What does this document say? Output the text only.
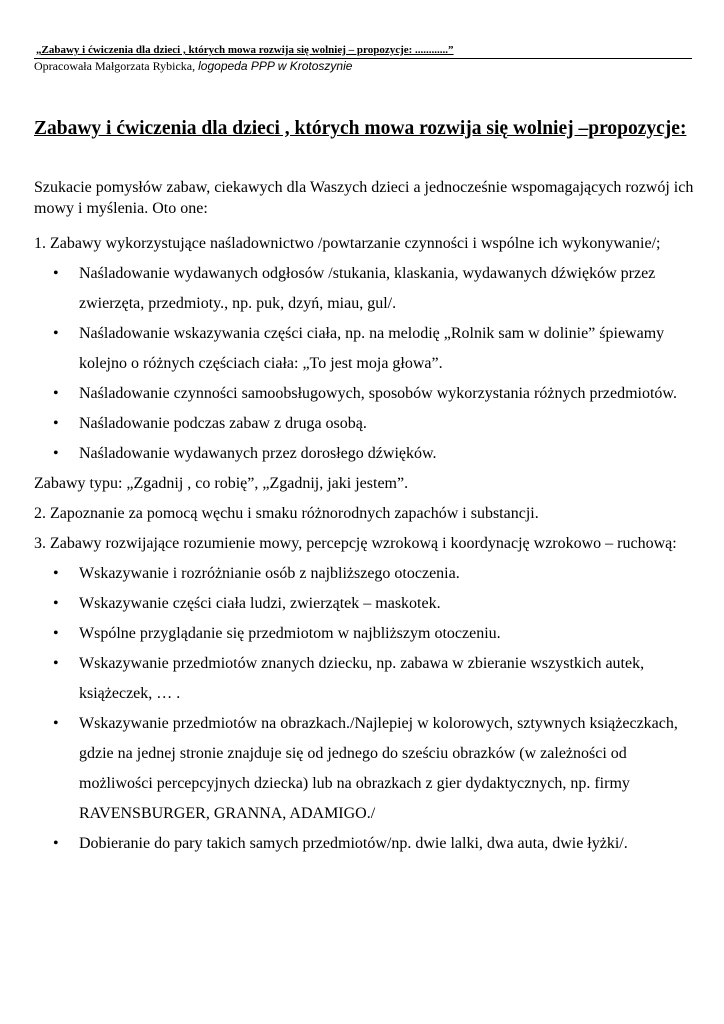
„Zabawy i ćwiczenia dla dzieci , których mowa rozwija się wolniej – propozycje: ............”
Opracowała Małgorzata Rybicka, logopeda PPP w Krotoszynie
Zabawy i ćwiczenia dla dzieci , których mowa rozwija się wolniej –propozycje:

Szukacie pomysłów zabaw, ciekawych dla Waszych dzieci a jednocześnie wspomagających rozwój ich mowy i myślenia. Oto one:

1. Zabawy wykorzystujące naśladownictwo /powtarzanie czynności i wspólne ich wykonywanie/;

• Naśladowanie wydawanych odgłosów /stukania, klaskania, wydawanych dźwięków przez zwierzęta, przedmioty., np. puk, dzyń, miau, gul/.
• Naśladowanie wskazywania części ciała, np. na melodię „Rolnik sam w dolinie” śpiewamy kolejno o różnych częściach ciała: „To jest moja głowa”.
• Naśladowanie czynności samoobsługowych, sposobów wykorzystania różnych przedmiotów.
• Naśladowanie podczas zabaw z druga osobą.
• Naśladowanie wydawanych przez dorosłego dźwięków.

Zabawy typu: „Zgadnij , co robię”, „Zgadnij, jaki jestem”.

2. Zapoznanie za pomocą węchu i smaku różnorodnych zapachów i substancji.

3. Zabawy rozwijające rozumienie mowy, percepcję wzrokową i koordynację wzrokowo – ruchową:

• Wskazywanie i rozróżnianie osób z najbliższego otoczenia.
• Wskazywanie części ciała ludzi, zwierzątek – maskotek.
• Wspólne przyglądanie się przedmiotom w najbliższym otoczeniu.
• Wskazywanie przedmiotów znanych dziecku, np. zabawa w zbieranie wszystkich autek, książeczek, … .
• Wskazywanie przedmiotów na obrazkach./Najlepiej w kolorowych, sztywnych książeczkach, gdzie na jednej stronie znajduje się od jednego do sześciu obrazków (w zależności od możliwości percepcyjnych dziecka) lub na obrazkach z gier dydaktycznych, np. firmy RAVENSBURGER, GRANNA, ADAMIGO./
• Dobieranie do pary takich samych przedmiotów/np. dwie lalki, dwa auta, dwie łyżki/.
